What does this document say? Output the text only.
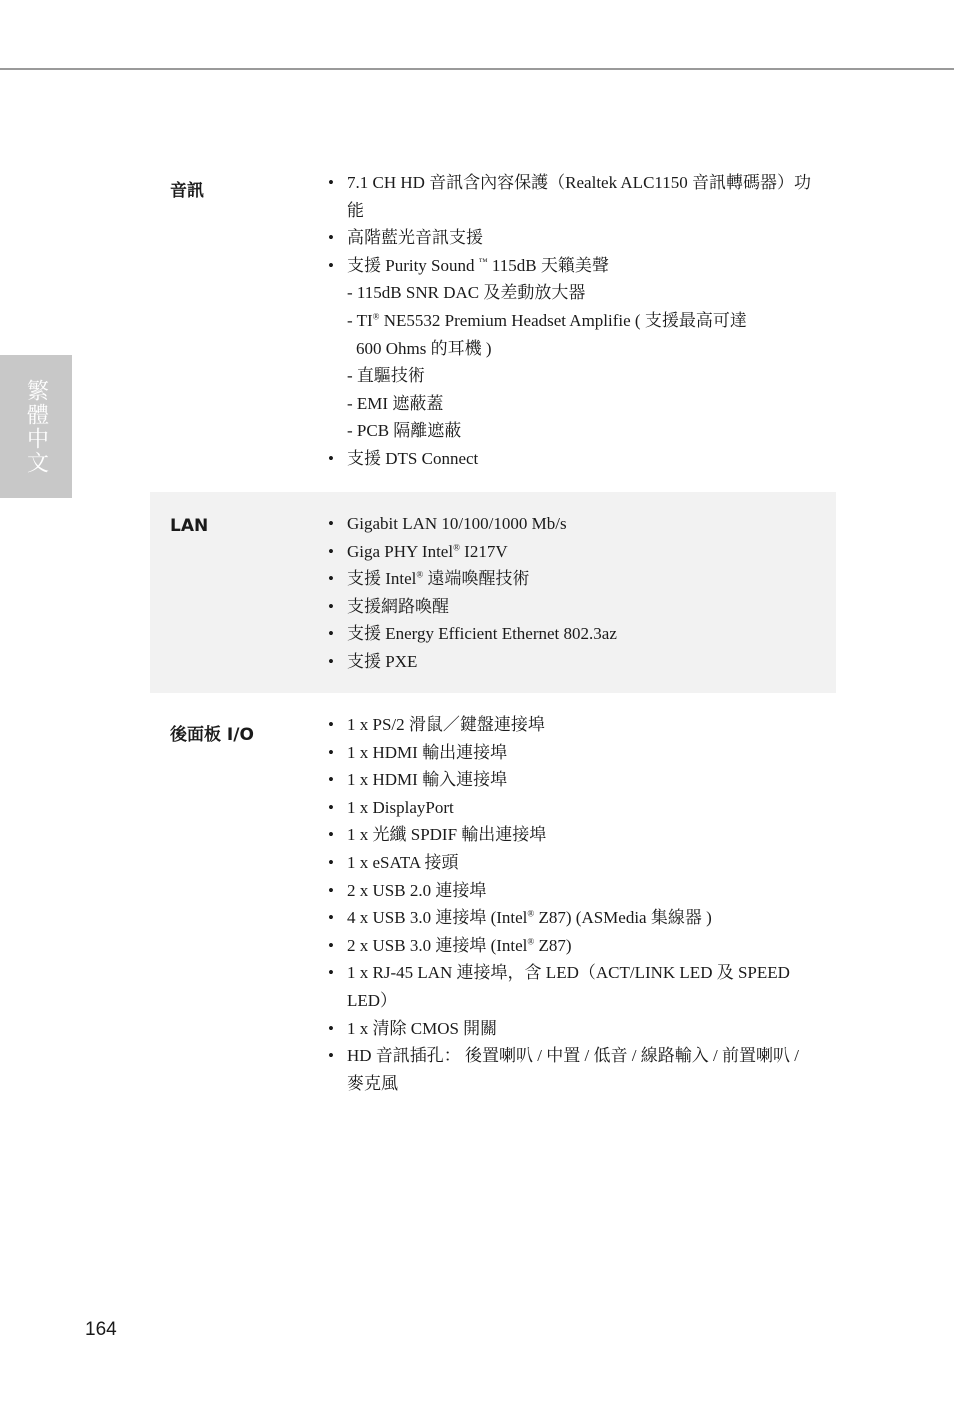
繁體中文
音訊	• 7.1 CH HD 音訊含內容保護（Realtek ALC1150 音訊轉碼器）功能
• 高階藍光音訊支援
• 支援 Purity Sound ™ 115dB 天籟美聲
- 115dB SNR DAC 及差動放大器
- TI® NE5532 Premium Headset Amplifie ( 支援最高可達
600 Ohms 的耳機 )
- 直驅技術
- EMI 遮蔽蓋
- PCB 隔離遮蔽
• 支援 DTS Connect
LAN	• Gigabit LAN 10/100/1000 Mb/s
• Giga PHY Intel® I217V
• 支援 Intel® 遠端喚醒技術
• 支援網路喚醒
• 支援 Energy Efficient Ethernet 802.3az
• 支援 PXE
後面板 I/O
• 1 x PS/2 滑鼠／鍵盤連接埠
• 1 x HDMI 輸出連接埠
• 1 x HDMI 輸入連接埠
• 1 x DisplayPort
• 1 x 光纖 SPDIF 輸出連接埠
• 1 x eSATA 接頭
• 2 x USB 2.0 連接埠
• 4 x USB 3.0 連接埠 (Intel® Z87) (ASMedia 集線器 )
• 2 x USB 3.0 連接埠 (Intel® Z87)
• 1 x RJ-45 LAN 連接埠，含 LED（ACT/LINK LED 及 SPEED LED）
• 1 x 清除 CMOS 開關
• HD 音訊插孔： 後置喇叭 / 中置 / 低音 / 線路輸入 / 前置喇叭 / 麥克風
164
